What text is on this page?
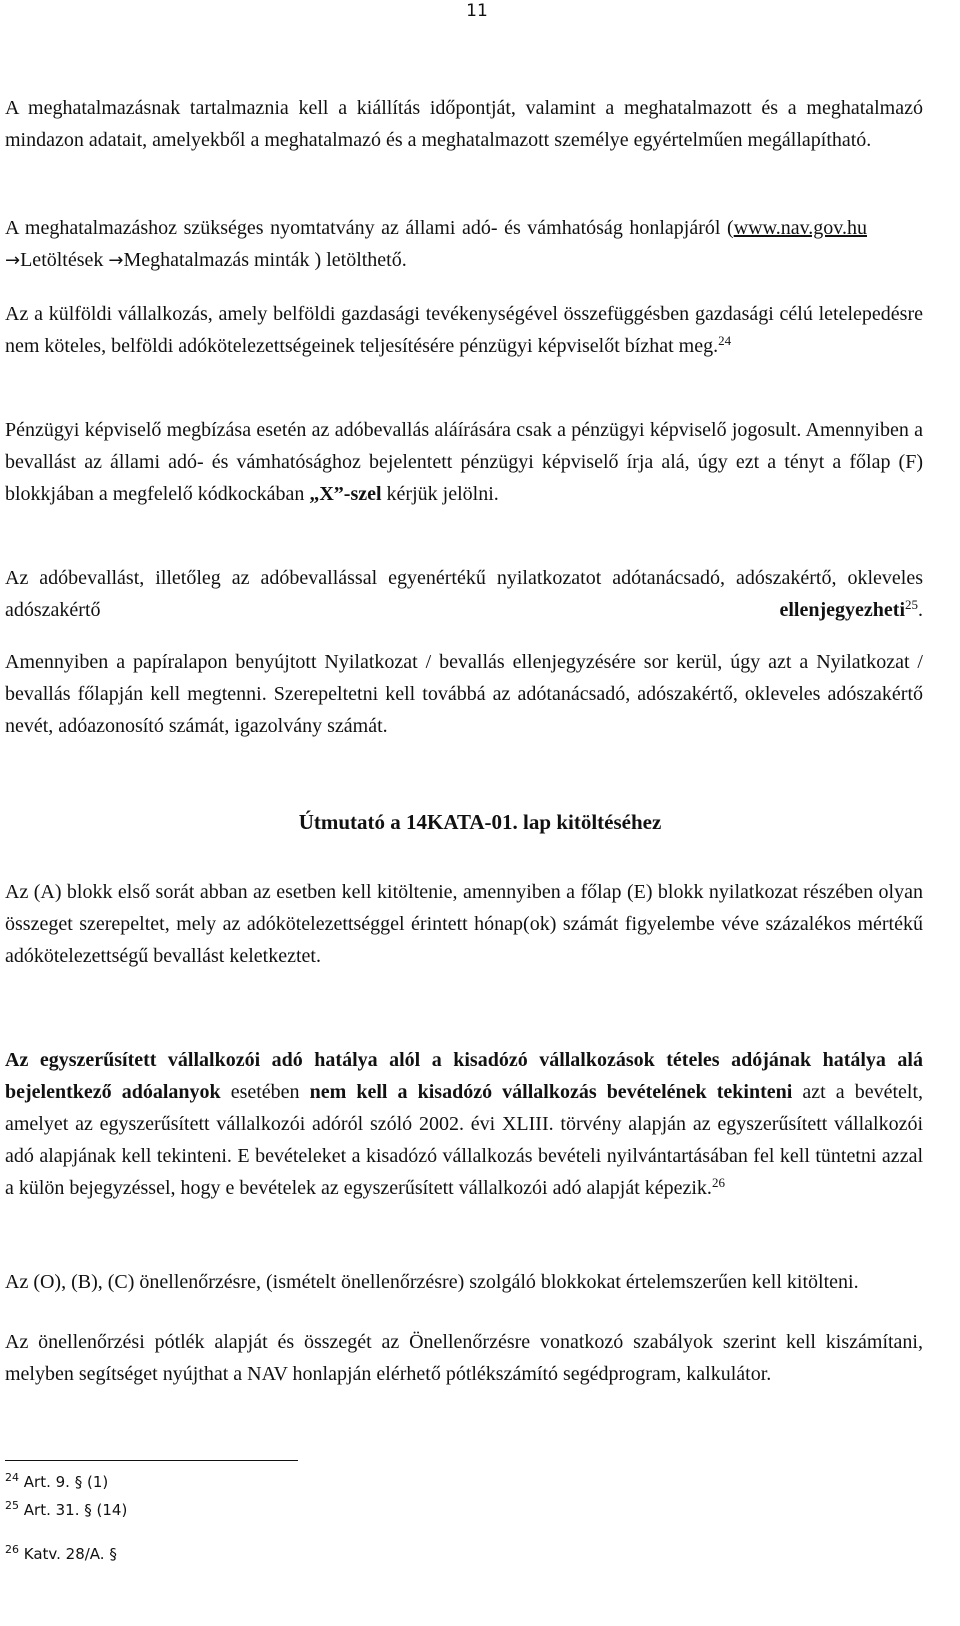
11

A meghatalmazásnak tartalmaznia kell a kiállítás időpontját, valamint a meghatalmazott és a meghatalmazó mindazon adatait, amelyekből a meghatalmazó és a meghatalmazott személye egyértelműen megállapítható.

A meghatalmazáshoz szükséges nyomtatvány az állami adó- és vámhatóság honlapjáról (www.nav.gov.hu→Letöltések →Meghatalmazás minták ) letölthető.

Az a külföldi vállalkozás, amely belföldi gazdasági tevékenységével összefüggésben gazdasági célú letelepedésre nem köteles, belföldi adókötelezettségeinek teljesítésére pénzügyi képviselőt bízhat meg.$^{24}$

Pénzügyi képviselő megbízása esetén az adóbevallás aláírására csak a pénzügyi képviselő jogosult. Amennyiben a bevallást az állami adó- és vámhatósághoz bejelentett pénzügyi képviselő írja alá, úgy ezt a tényt a főlap (F) blokkjában a megfelelő kódkockában „X”-szel kérjük jelölni.

Az adóbevallást, illetőleg az adóbevallással egyenértékű nyilatkozatot adótanácsadó, adószakértő, okleveles adószakértő ellenjegyezheti$^{25}$.

Amennyiben a papíralapon benyújtott Nyilatkozat / bevallás ellenjegyzésére sor kerül, úgy azt a Nyilatkozat / bevallás főlapján kell megtenni. Szerepeltetni kell továbbá az adótanácsadó, adószakértő, okleveles adószakértő nevét, adóazonosító számát, igazolvány számát.

Útmutató a 14KATA-01. lap kitöltéséhez

Az (A) blokk első sorát abban az esetben kell kitöltenie, amennyiben a főlap (E) blokk nyilatkozat részében olyan összeget szerepeltet, mely az adókötelezettséggel érintett hónap(ok) számát figyelembe véve százalékos mértékű adókötelezettségű bevallást keletkeztet.

Az egyszerűsített vállalkozói adó hatálya alól a kisadózó vállalkozások tételes adójának hatálya alá bejelentkező adóalanyok esetében nem kell a kisadózó vállalkozás bevételének tekinteni azt a bevételt, amelyet az egyszerűsített vállalkozói adóról szóló 2002. évi XLIII. törvény alapján az egyszerűsített vállalkozói adó alapjának kell tekinteni. E bevételeket a kisadózó vállalkozás bevételi nyilvántartásában fel kell tüntetni azzal a külön bejegyzéssel, hogy e bevételek az egyszerűsített vállalkozói adó alapját képezik.$^{26}$

Az (O), (B), (C) önellenőrzésre, (ismételt önellenőrzésre) szolgáló blokkokat értelemszerűen kell kitölteni.

Az önellenőrzési pótlék alapját és összegét az Önellenőrzésre vonatkozó szabályok szerint kell kiszámítani, melyben segítséget nyújthat a NAV honlapján elérhető pótlékszámító segédprogram, kalkulátor.

$^{24}$ Art. 9. § (1)
$^{25}$ Art. 31. § (14)
$^{26}$ Katv. 28/A. §
